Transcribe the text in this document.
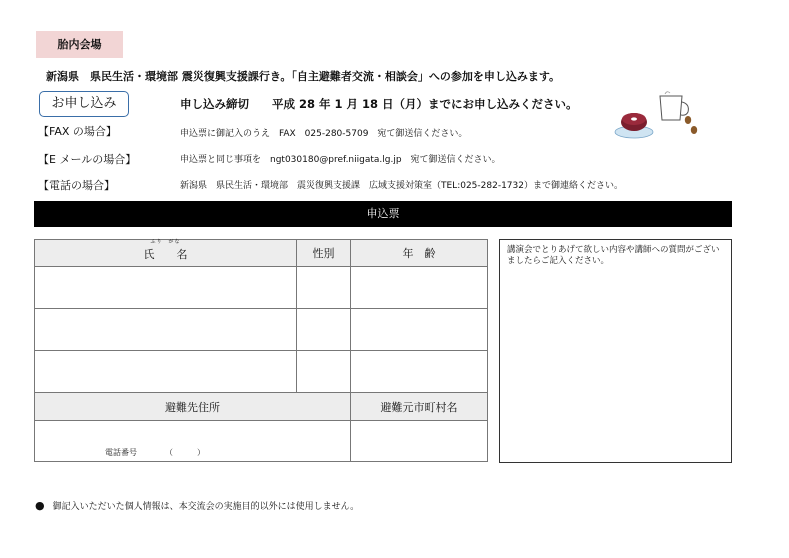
胎内会場
新潟県　県民生活・環境部 震災復興支援課行き。「自主避難者交流・相談会」への参加を申し込みます。
お申し込み	申し込み締切　　平成 28 年 1 月 18 日（月）までにお申し込みください。
【FAX の場合】	申込票に御記入のうえ　FAX　025-280-5709　宛て御送信ください。
【E メールの場合】	申込票と同じ事項を　ngt030180@pref.niigata.lg.jp　宛て御送信ください。
【電話の場合】	新潟県　県民生活・環境部　震災復興支援課　広域支援対策室（TEL:025-282-1732）まで御連絡ください。
申込票
ふり　がな
氏　　名	性別	年　齢

避難先住所		避難元市町村名

電話番号　　　　（　　　）		

講演会でとりあげて欲しい内容や講師への質問がございましたらご記入ください。
● 御記入いただいた個人情報は、本交流会の実施目的以外には使用しません。
